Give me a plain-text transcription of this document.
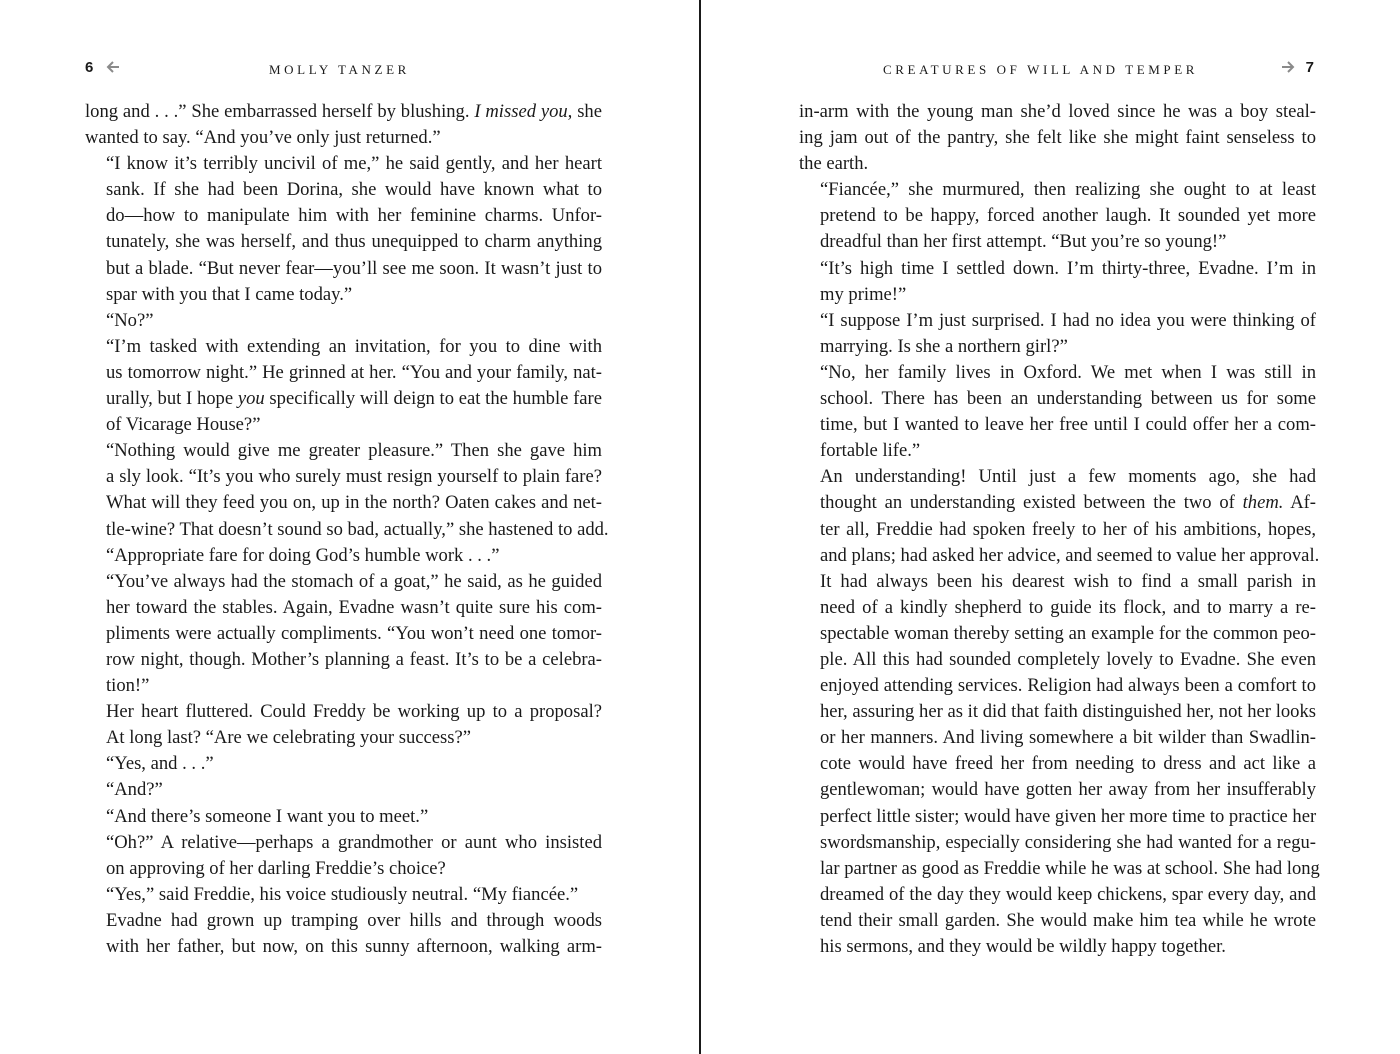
6	MOLLY TANZER
long and . . .” She embarrassed herself by blushing. I missed you, she
wanted to say. “And you’ve only just returned.”
“I know it’s terribly uncivil of me,” he said gently, and her heart
sank. If she had been Dorina, she would have known what to
do—how to manipulate him with her feminine charms. Unfor-
tunately, she was herself, and thus unequipped to charm anything
but a blade. “But never fear—you’ll see me soon. It wasn’t just to
spar with you that I came today.”
“No?”
“I’m tasked with extending an invitation, for you to dine with
us tomorrow night.” He grinned at her. “You and your family, nat-
urally, but I hope you specifically will deign to eat the humble fare
of Vicarage House?”
“Nothing would give me greater pleasure.” Then she gave him
a sly look. “It’s you who surely must resign yourself to plain fare?
What will they feed you on, up in the north? Oaten cakes and net-
tle-wine? That doesn’t sound so bad, actually,” she hastened to add.
“Appropriate fare for doing God’s humble work . . .”
“You’ve always had the stomach of a goat,” he said, as he guided
her toward the stables. Again, Evadne wasn’t quite sure his com-
pliments were actually compliments. “You won’t need one tomor-
row night, though. Mother’s planning a feast. It’s to be a celebra-
tion!”
Her heart fluttered. Could Freddy be working up to a proposal?
At long last? “Are we celebrating your success?”
“Yes, and . . .”
“And?”
“And there’s someone I want you to meet.”
“Oh?” A relative—perhaps a grandmother or aunt who insisted
on approving of her darling Freddie’s choice?
“Yes,” said Freddie, his voice studiously neutral. “My fiancée.”
Evadne had grown up tramping over hills and through woods
with her father, but now, on this sunny afternoon, walking arm-
CREATURES OF WILL AND TEMPER	7
in-arm with the young man she’d loved since he was a boy steal-
ing jam out of the pantry, she felt like she might faint senseless to
the earth.
“Fiancée,” she murmured, then realizing she ought to at least
pretend to be happy, forced another laugh. It sounded yet more
dreadful than her first attempt. “But you’re so young!”
“It’s high time I settled down. I’m thirty-three, Evadne. I’m in
my prime!”
“I suppose I’m just surprised. I had no idea you were thinking of
marrying. Is she a northern girl?”
“No, her family lives in Oxford. We met when I was still in
school. There has been an understanding between us for some
time, but I wanted to leave her free until I could offer her a com-
fortable life.”
An understanding! Until just a few moments ago, she had
thought an understanding existed between the two of them. Af-
ter all, Freddie had spoken freely to her of his ambitions, hopes,
and plans; had asked her advice, and seemed to value her approval.
It had always been his dearest wish to find a small parish in
need of a kindly shepherd to guide its flock, and to marry a re-
spectable woman thereby setting an example for the common peo-
ple. All this had sounded completely lovely to Evadne. She even
enjoyed attending services. Religion had always been a comfort to
her, assuring her as it did that faith distinguished her, not her looks
or her manners. And living somewhere a bit wilder than Swadlin-
cote would have freed her from needing to dress and act like a
gentlewoman; would have gotten her away from her insufferably
perfect little sister; would have given her more time to practice her
swordsmanship, especially considering she had wanted for a regu-
lar partner as good as Freddie while he was at school. She had long
dreamed of the day they would keep chickens, spar every day, and
tend their small garden. She would make him tea while he wrote
his sermons, and they would be wildly happy together.
